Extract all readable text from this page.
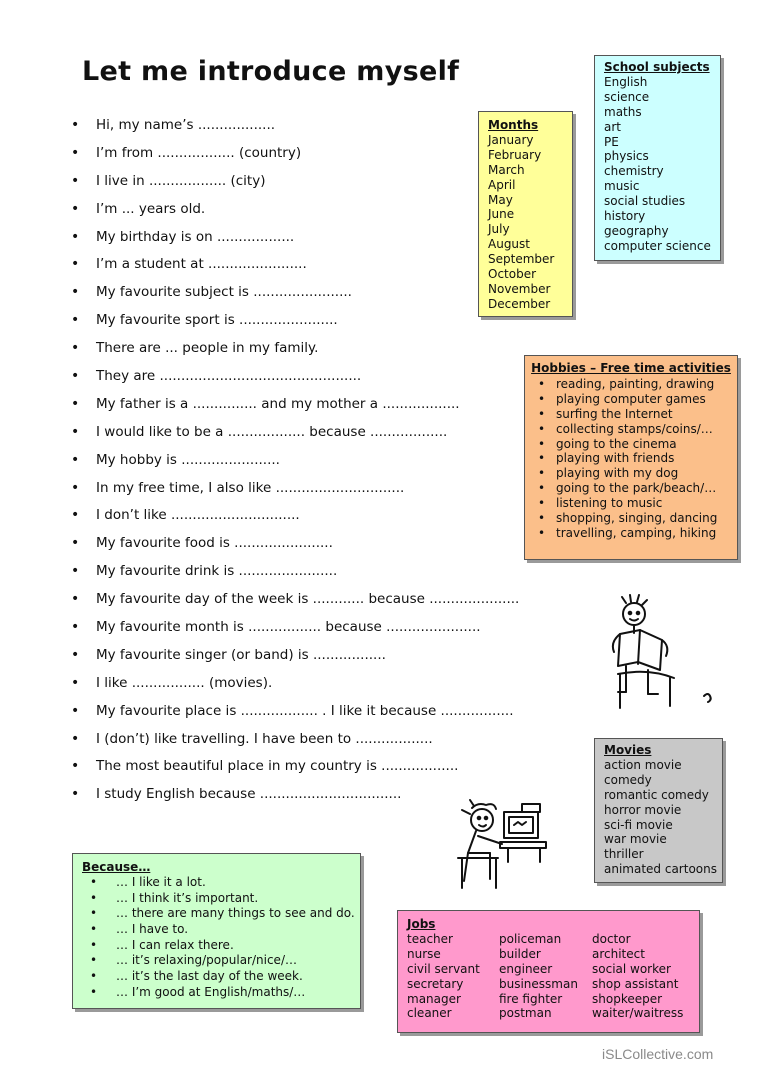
Let me introduce myself
• Hi, my name’s ..................
• I’m from .................. (country)
• I live in .................. (city)
• I’m ... years old.
• My birthday is on ..................
• I’m a student at .......................
• My favourite subject is .......................
• My favourite sport is .......................
• There are ... people in my family.
• They are ...............................................
• My father is a ............... and my mother a ..................
• I would like to be a .................. because ..................
• My hobby is .......................
• In my free time, I also like ..............................
• I don’t like ..............................
• My favourite food is .......................
• My favourite drink is .......................
• My favourite day of the week is ............ because .....................
• My favourite month is ................. because ......................
• My favourite singer (or band) is .................
• I like ................. (movies).
• My favourite place is .................. . I like it because .................
• I (don’t) like travelling. I have been to ..................
• The most beautiful place in my country is ..................
• I study English because .................................
School subjects
English
science
maths
art
PE
physics
chemistry
music
social studies
history
geography
computer science
Months
January
February
March
April
May
June
July
August
September
October
November
December
Hobbies – Free time activities
• reading, painting, drawing
• playing computer games
• surfing the Internet
• collecting stamps/coins/…
• going to the cinema
• playing with friends
• playing with my dog
• going to the park/beach/…
• listening to music
• shopping, singing, dancing
• travelling, camping, hiking
Movies
action movie
comedy
romantic comedy
horror movie
sci-fi movie
war movie
thriller
animated cartoons
Because…
• … I like it a lot.
• … I think it’s important.
• … there are many things to see and do.
• … I have to.
• … I can relax there.
• … it’s relaxing/popular/nice/…
• … it’s the last day of the week.
• … I’m good at English/maths/…
Jobs
teacher	policeman	doctor
nurse	builder	architect
civil servant	engineer	social worker
secretary	businessman	shop assistant
manager	fire fighter	shopkeeper
cleaner	postman	waiter/waitress
iSLCollective.com
